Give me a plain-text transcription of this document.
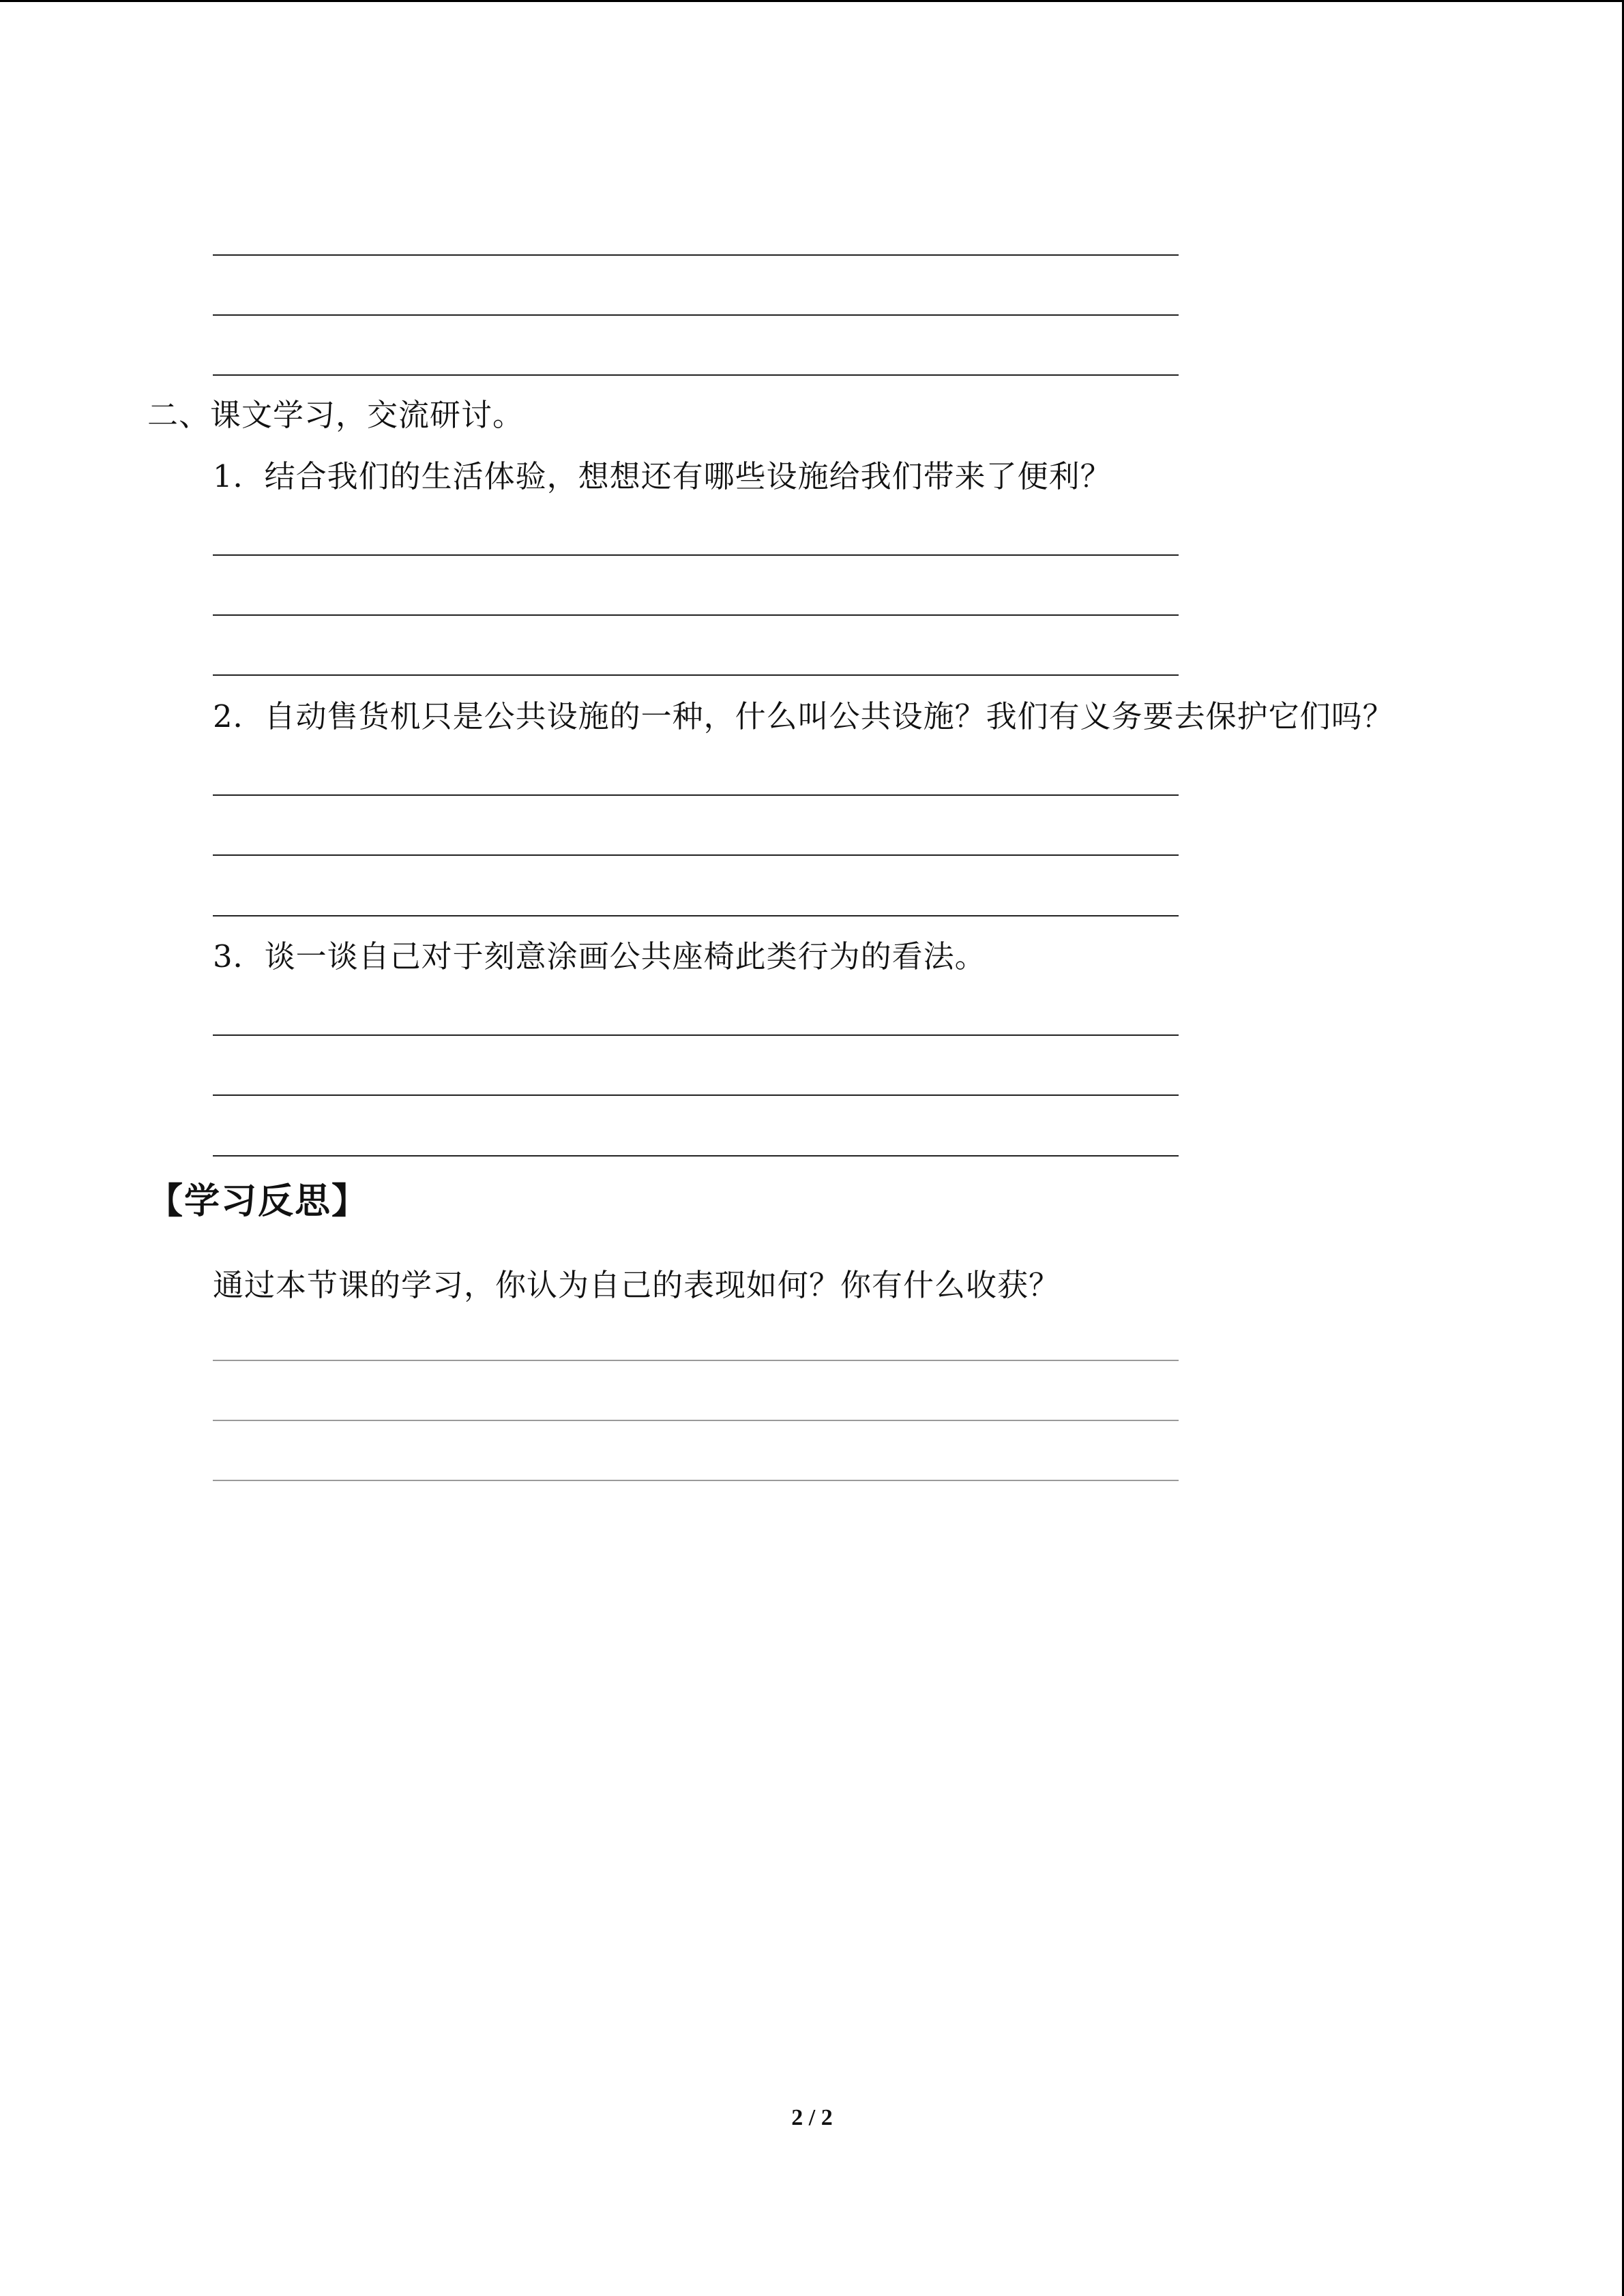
二、课文学习，交流研讨。
1．结合我们的生活体验，想想还有哪些设施给我们带来了便利？
2．自动售货机只是公共设施的一种，什么叫公共设施？我们有义务要去保护它们吗？
3．谈一谈自己对于刻意涂画公共座椅此类行为的看法。
【学习反思】
通过本节课的学习，你认为自己的表现如何？你有什么收获？
2 / 2
